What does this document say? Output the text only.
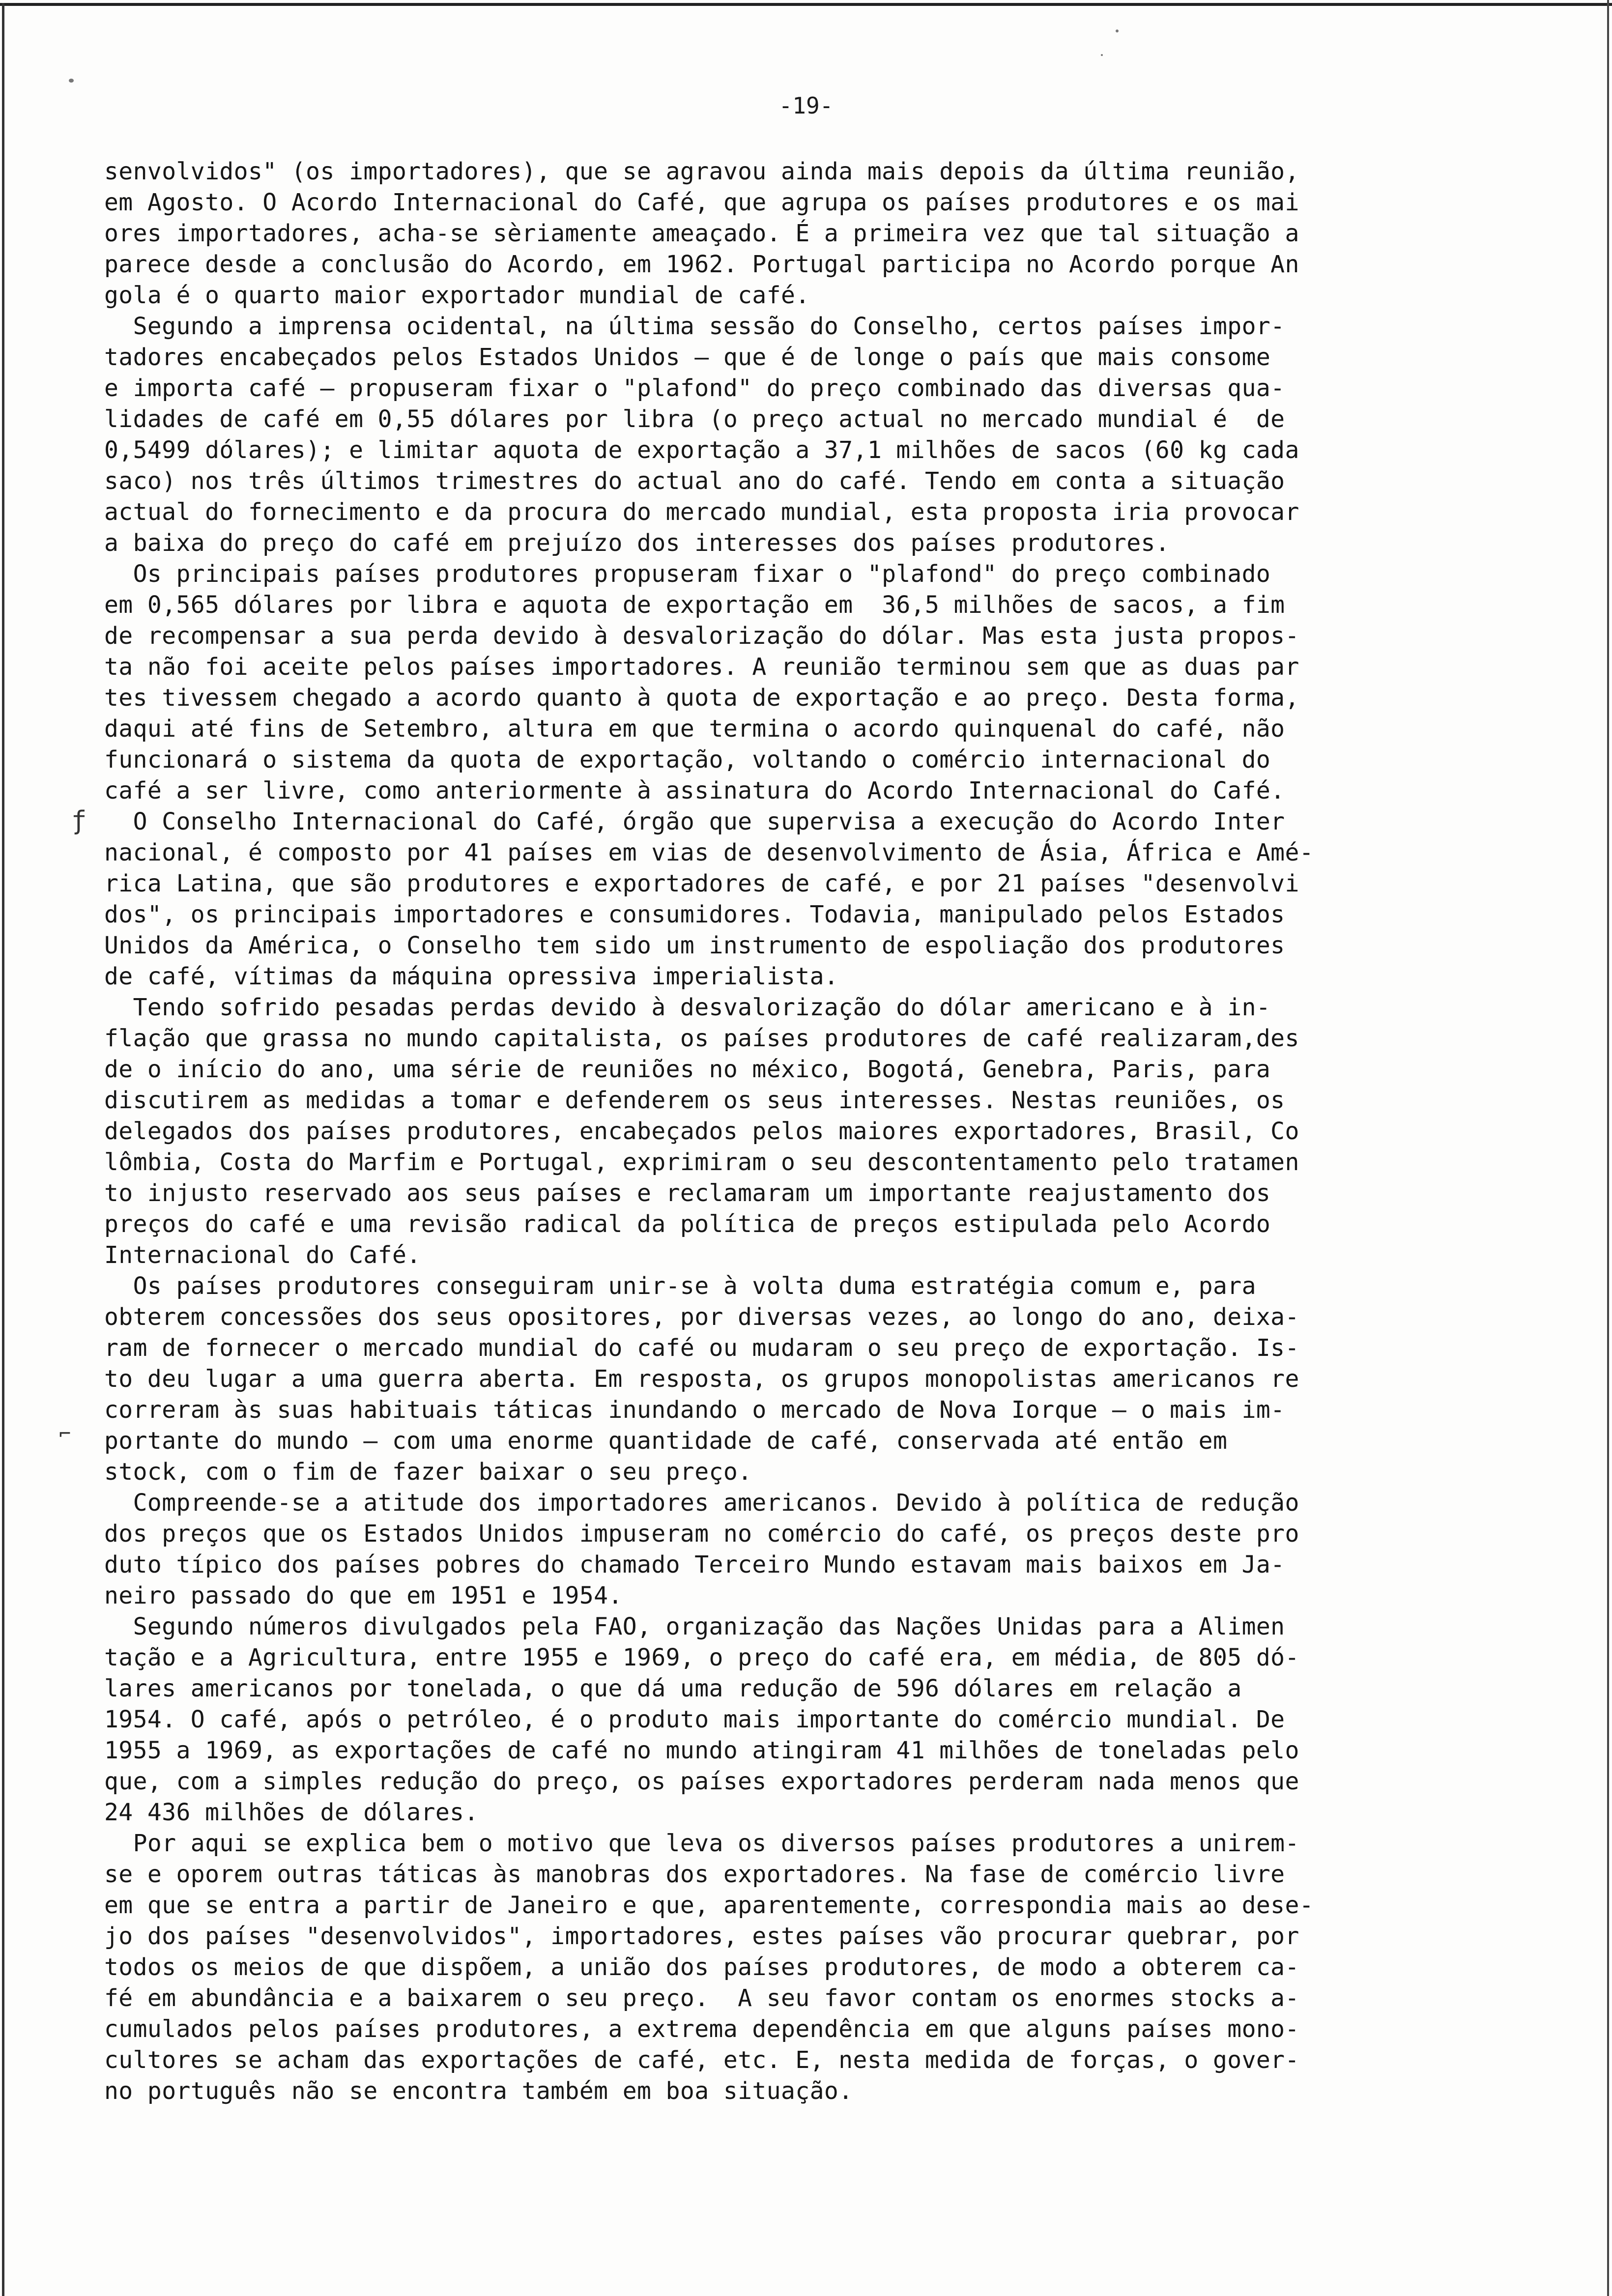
ƒ
⌐
-19-
senvolvidos" (os importadores), que se agravou ainda mais depois da última reunião,
em Agosto. O Acordo Internacional do Café, que agrupa os países produtores e os mai
ores importadores, acha-se sèriamente ameaçado. É a primeira vez que tal situação a
parece desde a conclusão do Acordo, em 1962. Portugal participa no Acordo porque An
gola é o quarto maior exportador mundial de café.
Segundo a imprensa ocidental, na última sessão do Conselho, certos países impor-
tadores encabeçados pelos Estados Unidos — que é de longe o país que mais consome
e importa café — propuseram fixar o "plafond" do preço combinado das diversas qua-
lidades de café em 0,55 dólares por libra (o preço actual no mercado mundial é  de
0,5499 dólares); e limitar aquota de exportação a 37,1 milhões de sacos (60 kg cada
saco) nos três últimos trimestres do actual ano do café. Tendo em conta a situação
actual do fornecimento e da procura do mercado mundial, esta proposta iria provocar
a baixa do preço do café em prejuízo dos interesses dos países produtores.
Os principais países produtores propuseram fixar o "plafond" do preço combinado
em 0,565 dólares por libra e aquota de exportação em  36,5 milhões de sacos, a fim
de recompensar a sua perda devido à desvalorização do dólar. Mas esta justa propos-
ta não foi aceite pelos países importadores. A reunião terminou sem que as duas par
tes tivessem chegado a acordo quanto à quota de exportação e ao preço. Desta forma,
daqui até fins de Setembro, altura em que termina o acordo quinquenal do café, não
funcionará o sistema da quota de exportação, voltando o comércio internacional do
café a ser livre, como anteriormente à assinatura do Acordo Internacional do Café.
O Conselho Internacional do Café, órgão que supervisa a execução do Acordo Inter
nacional, é composto por 41 países em vias de desenvolvimento de Ásia, África e Amé-
rica Latina, que são produtores e exportadores de café, e por 21 países "desenvolvi
dos", os principais importadores e consumidores. Todavia, manipulado pelos Estados
Unidos da América, o Conselho tem sido um instrumento de espoliação dos produtores
de café, vítimas da máquina opressiva imperialista.
Tendo sofrido pesadas perdas devido à desvalorização do dólar americano e à in-
flação que grassa no mundo capitalista, os países produtores de café realizaram,des
de o início do ano, uma série de reuniões no méxico, Bogotá, Genebra, Paris, para
discutirem as medidas a tomar e defenderem os seus interesses. Nestas reuniões, os
delegados dos países produtores, encabeçados pelos maiores exportadores, Brasil, Co
lômbia, Costa do Marfim e Portugal, exprimiram o seu descontentamento pelo tratamen
to injusto reservado aos seus países e reclamaram um importante reajustamento dos
preços do café e uma revisão radical da política de preços estipulada pelo Acordo
Internacional do Café.
Os países produtores conseguiram unir-se à volta duma estratégia comum e, para
obterem concessões dos seus opositores, por diversas vezes, ao longo do ano, deixa-
ram de fornecer o mercado mundial do café ou mudaram o seu preço de exportação. Is-
to deu lugar a uma guerra aberta. Em resposta, os grupos monopolistas americanos re
correram às suas habituais táticas inundando o mercado de Nova Iorque — o mais im-
portante do mundo — com uma enorme quantidade de café, conservada até então em
stock, com o fim de fazer baixar o seu preço.
Compreende-se a atitude dos importadores americanos. Devido à política de redução
dos preços que os Estados Unidos impuseram no comércio do café, os preços deste pro
duto típico dos países pobres do chamado Terceiro Mundo estavam mais baixos em Ja-
neiro passado do que em 1951 e 1954.
Segundo números divulgados pela FAO, organização das Nações Unidas para a Alimen
tação e a Agricultura, entre 1955 e 1969, o preço do café era, em média, de 805 dó-
lares americanos por tonelada, o que dá uma redução de 596 dólares em relação a
1954. O café, após o petróleo, é o produto mais importante do comércio mundial. De
1955 a 1969, as exportações de café no mundo atingiram 41 milhões de toneladas pelo
que, com a simples redução do preço, os países exportadores perderam nada menos que
24 436 milhões de dólares.
Por aqui se explica bem o motivo que leva os diversos países produtores a unirem-
se e oporem outras táticas às manobras dos exportadores. Na fase de comércio livre
em que se entra a partir de Janeiro e que, aparentemente, correspondia mais ao dese-
jo dos países "desenvolvidos", importadores, estes países vão procurar quebrar, por
todos os meios de que dispõem, a união dos países produtores, de modo a obterem ca-
fé em abundância e a baixarem o seu preço.  A seu favor contam os enormes stocks a-
cumulados pelos países produtores, a extrema dependência em que alguns países mono-
cultores se acham das exportações de café, etc. E, nesta medida de forças, o gover-
no português não se encontra também em boa situação.
